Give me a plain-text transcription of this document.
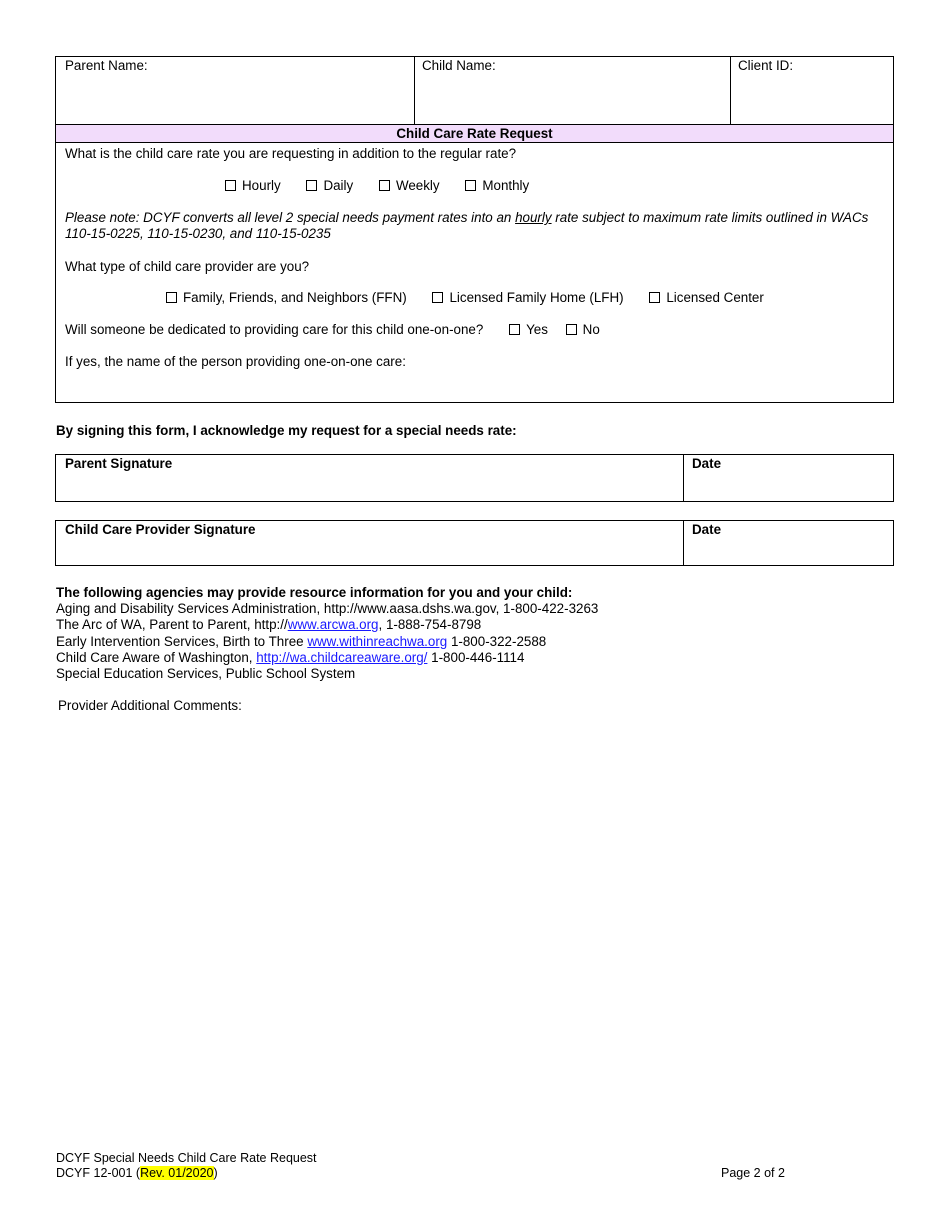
Parent Name:	Child Name:	Client ID:
Child Care Rate Request
What is the child care rate you are requesting in addition to the regular rate?
Hourly	Daily	Weekly	Monthly
Please note: DCYF converts all level 2 special needs payment rates into an hourly rate subject to maximum rate limits outlined in WACs 110-15-0225, 110-15-0230, and 110-15-0235
What type of child care provider are you?
Family, Friends, and Neighbors (FFN)	Licensed Family Home (LFH)	Licensed Center
Will someone be dedicated to providing care for this child one-on-one?	Yes	No
If yes, the name of the person providing one-on-one care:
By signing this form, I acknowledge my request for a special needs rate:
Parent Signature	Date
Child Care Provider Signature	Date
The following agencies may provide resource information for you and your child:
Aging and Disability Services Administration, http://www.aasa.dshs.wa.gov, 1-800-422-3263
The Arc of WA, Parent to Parent, http://www.arcwa.org, 1-888-754-8798
Early Intervention Services, Birth to Three www.withinreachwa.org 1-800-322-2588
Child Care Aware of Washington, http://wa.childcareaware.org/ 1-800-446-1114
Special Education Services, Public School System
Provider Additional Comments:
DCYF Special Needs Child Care Rate Request
DCYF 12-001 (Rev. 01/2020)	Page 2 of 2
